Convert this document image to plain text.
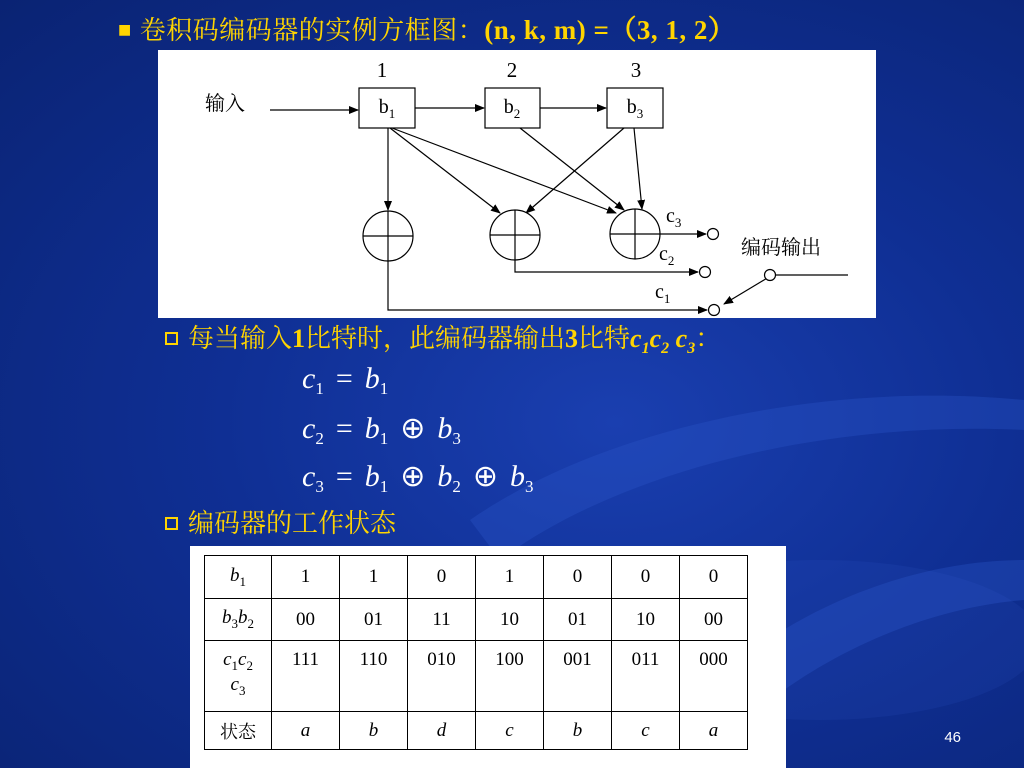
■ 卷积码编码器的实例方框图：(n, k, m) =（3, 1, 2）
1	2	3
输入	$b_1$	$b_2$	$b_3$
$c_3$
$c_2$
$c_1$
编码输出
每当输入1比特时，此编码器输出3比特$c_1c_2$ $c_3$：
$c_1 = b_1$
$c_2 = b_1$ ⊕ $b_3$
$c_3 = b_1$ ⊕ $b_2$ ⊕ $b_3$
编码器的工作状态
$b_1$	1	1	0	1	0	0	0
$b_3b_2$	00	01	11	10	01	10	00
$c_1c_2$
$c_3$	111	110	010	100	001	011	000
状态	a	b	d	c	b	c	a	46
